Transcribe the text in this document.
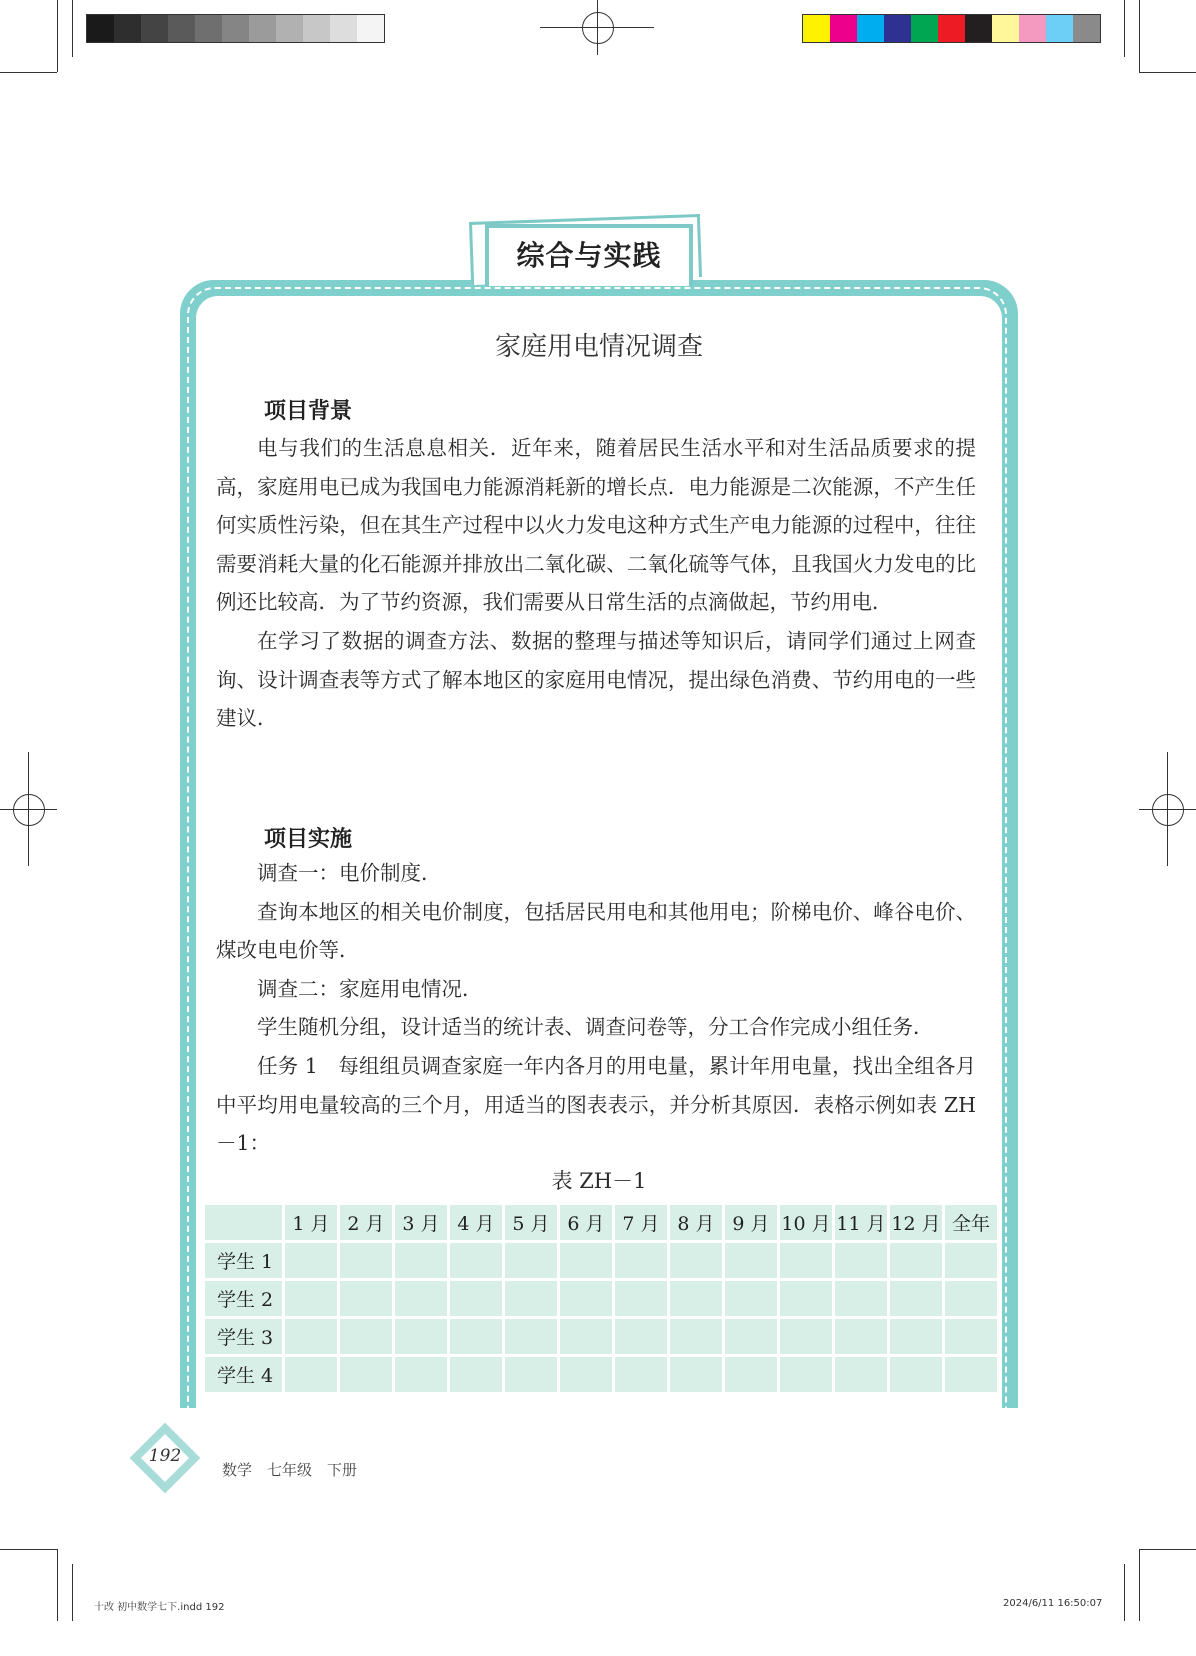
综合与实践
家庭用电情况调查
项目背景

电与我们的生活息息相关．近年来，随着居民生活水平和对生活品质要求的提高，家庭用电已成为我国电力能源消耗新的增长点．电力能源是二次能源，不产生任何实质性污染，但在其生产过程中以火力发电这种方式生产电力能源的过程中，往往需要消耗大量的化石能源并排放出二氧化碳、二氧化硫等气体，且我国火力发电的比例还比较高．为了节约资源，我们需要从日常生活的点滴做起，节约用电．

在学习了数据的调查方法、数据的整理与描述等知识后，请同学们通过上网查询、设计调查表等方式了解本地区的家庭用电情况，提出绿色消费、节约用电的一些建议．

项目实施

调查一：电价制度．

查询本地区的相关电价制度，包括居民用电和其他用电；阶梯电价、峰谷电价、煤改电电价等．

调查二：家庭用电情况．

学生随机分组，设计适当的统计表、调查问卷等，分工合作完成小组任务．

任务 1　每组组员调查家庭一年内各月的用电量，累计年用电量，找出全组各月中平均用电量较高的三个月，用适当的图表表示，并分析其原因．表格示例如表 ZH－1：

表 ZH－1
	1 月	2 月	3 月	4 月	5 月	6 月	7 月	8 月	9 月	10 月	11 月	12 月	全年
学生 1													
学生 2													
学生 3													
学生 4													
192
数学　七年级　下册
十改 初中数学七下.indd 192	2024/6/11 16:50:07
